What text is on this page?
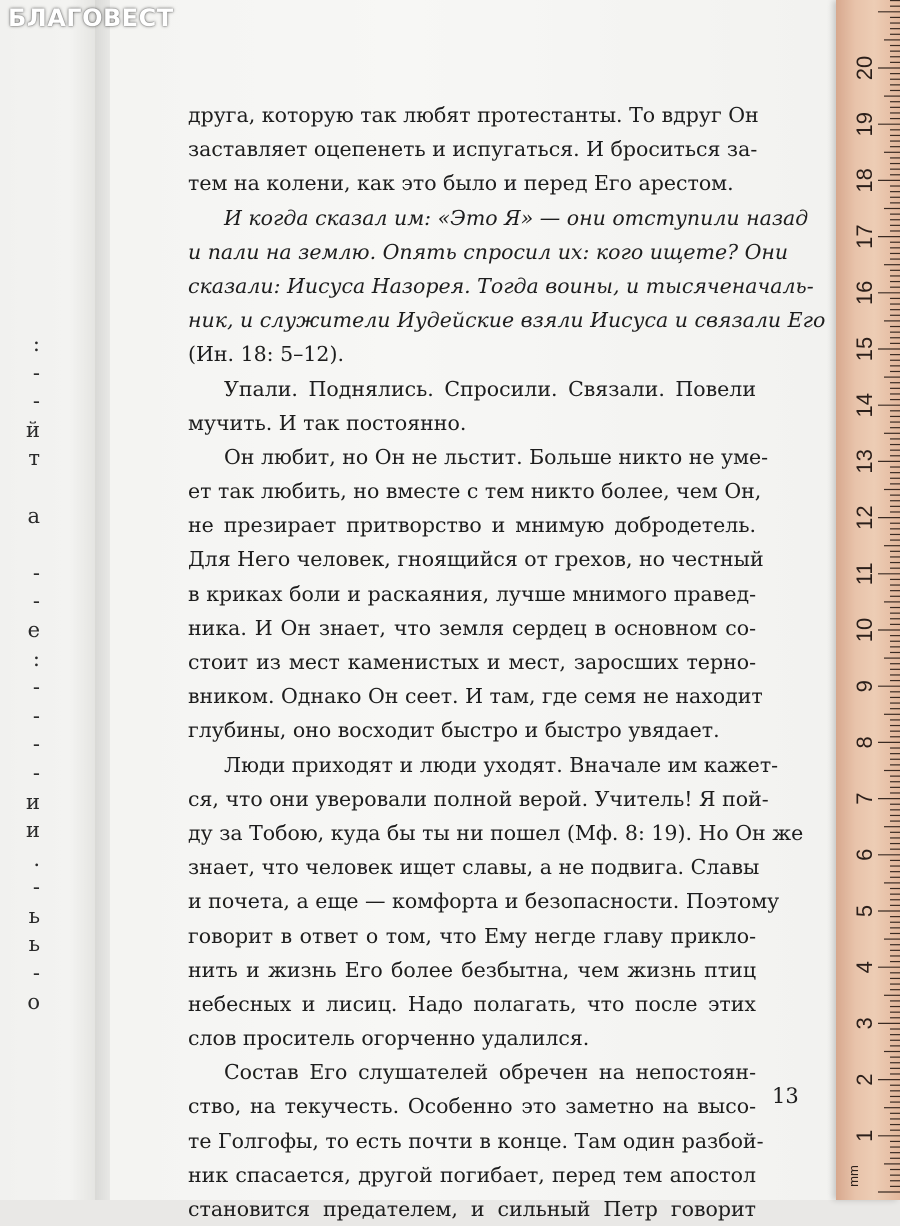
:
-
-
й
т

а

-
-
е
:
-
-
-
-
и
и
.
-
ь
ь
-
о
БЛАГОВЕСТ
друга, которую так любят протестанты. То вдруг Он
заставляет оцепенеть и испугаться. И броситься за-
тем на колени, как это было и перед Его арестом.
И когда сказал им: «Это Я» — они отступили назад
и пали на землю. Опять спросил их: кого ищете? Они
сказали: Иисуса Назорея. Тогда воины, и тысяченачаль-
ник, и служители Иудейские взяли Иисуса и связали Его
(Ин. 18: 5–12).
Упали. Поднялись. Спросили. Связали. Повели
мучить. И так постоянно.
Он любит, но Он не льстит. Больше никто не уме-
ет так любить, но вместе с тем никто более, чем Он,
не презирает притворство и мнимую добродетель.
Для Него человек, гноящийся от грехов, но честный
в криках боли и раскаяния, лучше мнимого правед-
ника. И Он знает, что земля сердец в основном со-
стоит из мест каменистых и мест, заросших терно-
вником. Однако Он сеет. И там, где семя не находит
глубины, оно восходит быстро и быстро увядает.
Люди приходят и люди уходят. Вначале им кажет-
ся, что они уверовали полной верой. Учитель! Я пой-
ду за Тобою, куда бы ты ни пошел (Мф. 8: 19). Но Он же
знает, что человек ищет славы, а не подвига. Славы
и почета, а еще — комфорта и безопасности. Поэтому
говорит в ответ о том, что Ему негде главу прикло-
нить и жизнь Его более безбытна, чем жизнь птиц
небесных и лисиц. Надо полагать, что после этих
слов проситель огорченно удалился.
Состав Его слушателей обречен на непостоян-
ство, на текучесть. Особенно это заметно на высо-
те Голгофы, то есть почти в конце. Там один разбой-
ник спасается, другой погибает, перед тем апостол
становится предателем, и сильный Петр говорит
13
1
2
3
4
5
6
7
8
9
10
11
12
13
14
15
16
17
18
19
20
mm
